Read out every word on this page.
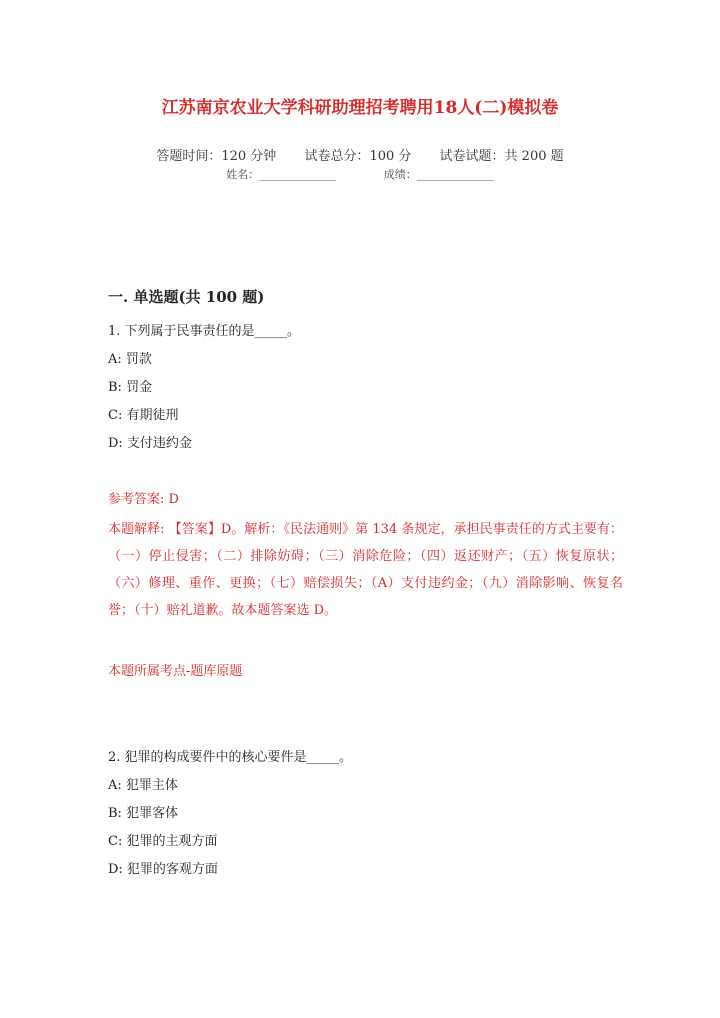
江苏南京农业大学科研助理招考聘用18人(二)模拟卷
答题时间：120 分钟 试卷总分：100 分 试卷试题：共 200 题
姓名：______________	成绩：______________
一. 单选题(共 100 题)
1. 下列属于民事责任的是_____。
A: 罚款
B: 罚金
C: 有期徒刑
D: 支付违约金
参考答案: D
本题解释: 【答案】D。解析：《民法通则》第 134 条规定，承担民事责任的方式主要有：（一）停止侵害；（二）排除妨碍；（三）消除危险；（四）返还财产；（五）恢复原状；（六）修理、重作、更换；（七）赔偿损失；（A）支付违约金；（九）消除影响、恢复名誉；（十）赔礼道歉。故本题答案选 D。
本题所属考点-题库原题
2. 犯罪的构成要件中的核心要件是_____。
A: 犯罪主体
B: 犯罪客体
C: 犯罪的主观方面
D: 犯罪的客观方面
